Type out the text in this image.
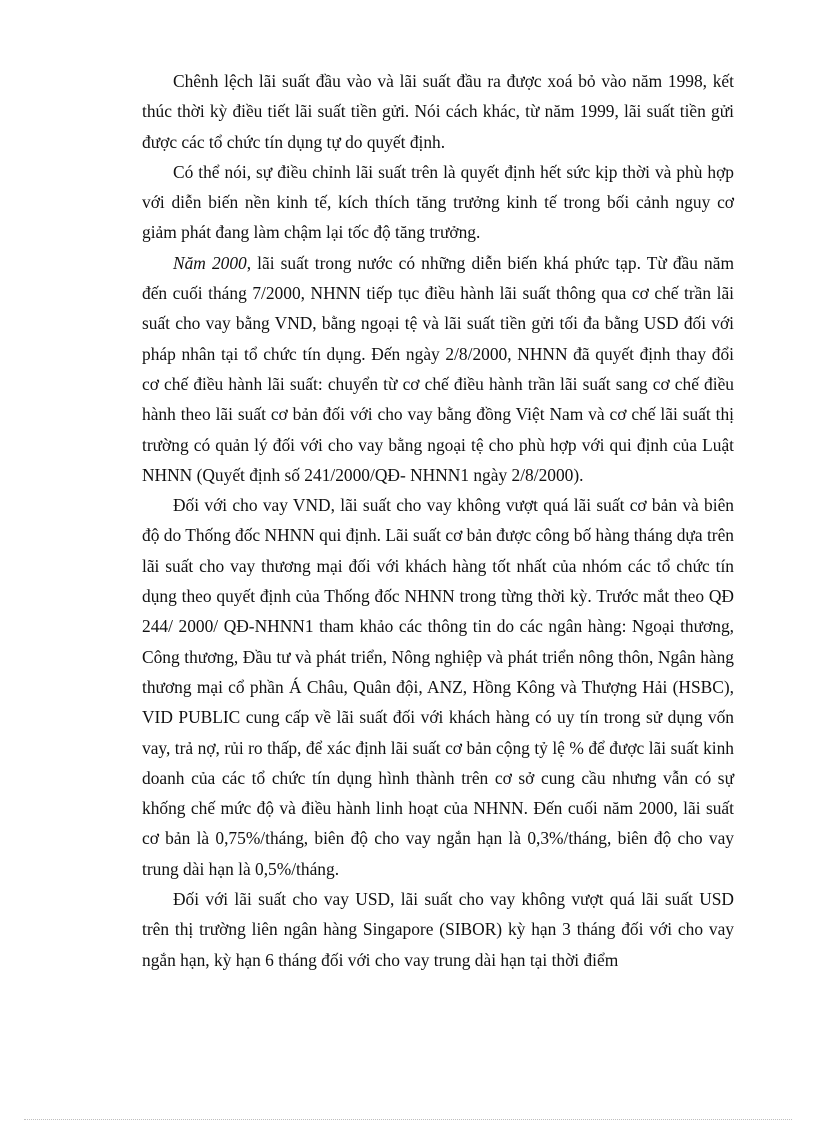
Chênh lệch lãi suất đầu vào và lãi suất đầu ra được xoá bỏ vào năm 1998, kết thúc thời kỳ điều tiết lãi suất tiền gửi. Nói cách khác, từ năm 1999, lãi suất tiền gửi được các tổ chức tín dụng tự do quyết định.

Có thể nói, sự điều chỉnh lãi suất trên là quyết định hết sức kịp thời và phù hợp với diễn biến nền kinh tế, kích thích tăng trưởng kinh tế trong bối cảnh nguy cơ giảm phát đang làm chậm lại tốc độ tăng trưởng.

Năm 2000, lãi suất trong nước có những diễn biến khá phức tạp. Từ đầu năm đến cuối tháng 7/2000, NHNN tiếp tục điều hành lãi suất thông qua cơ chế trần lãi suất cho vay bằng VND, bằng ngoại tệ và lãi suất tiền gửi tối đa bằng USD đối với pháp nhân tại tổ chức tín dụng. Đến ngày 2/8/2000, NHNN đã quyết định thay đổi cơ chế điều hành lãi suất: chuyển từ cơ chế điều hành trần lãi suất sang cơ chế điều hành theo lãi suất cơ bản đối với cho vay bằng đồng Việt Nam và cơ chế lãi suất thị trường có quản lý đối với cho vay bằng ngoại tệ cho phù hợp với qui định của Luật NHNN (Quyết định số 241/2000/QĐ- NHNN1 ngày 2/8/2000).

Đối với cho vay VND, lãi suất cho vay không vượt quá lãi suất cơ bản và biên độ do Thống đốc NHNN qui định. Lãi suất cơ bản được công bố hàng tháng dựa trên lãi suất cho vay thương mại đối với khách hàng tốt nhất của nhóm các tổ chức tín dụng theo quyết định của Thống đốc NHNN trong từng thời kỳ. Trước mắt theo QĐ 244/ 2000/ QĐ-NHNN1 tham khảo các thông tin do các ngân hàng: Ngoại thương, Công thương, Đầu tư và phát triển, Nông nghiệp và phát triển nông thôn, Ngân hàng thương mại cổ phần Á Châu, Quân đội, ANZ, Hồng Kông và Thượng Hải (HSBC), VID PUBLIC cung cấp về lãi suất đối với khách hàng có uy tín trong sử dụng vốn vay, trả nợ, rủi ro thấp, để xác định lãi suất cơ bản cộng tỷ lệ % để được lãi suất kinh doanh của các tổ chức tín dụng hình thành trên cơ sở cung cầu nhưng vẫn có sự khống chế mức độ và điều hành linh hoạt của NHNN. Đến cuối năm 2000, lãi suất cơ bản là 0,75%/tháng, biên độ cho vay ngắn hạn là 0,3%/tháng, biên độ cho vay trung dài hạn là 0,5%/tháng.

Đối với lãi suất cho vay USD, lãi suất cho vay không vượt quá lãi suất USD trên thị trường liên ngân hàng Singapore (SIBOR) kỳ hạn 3 tháng đối với cho vay ngắn hạn, kỳ hạn 6 tháng đối với cho vay trung dài hạn tại thời điểm
